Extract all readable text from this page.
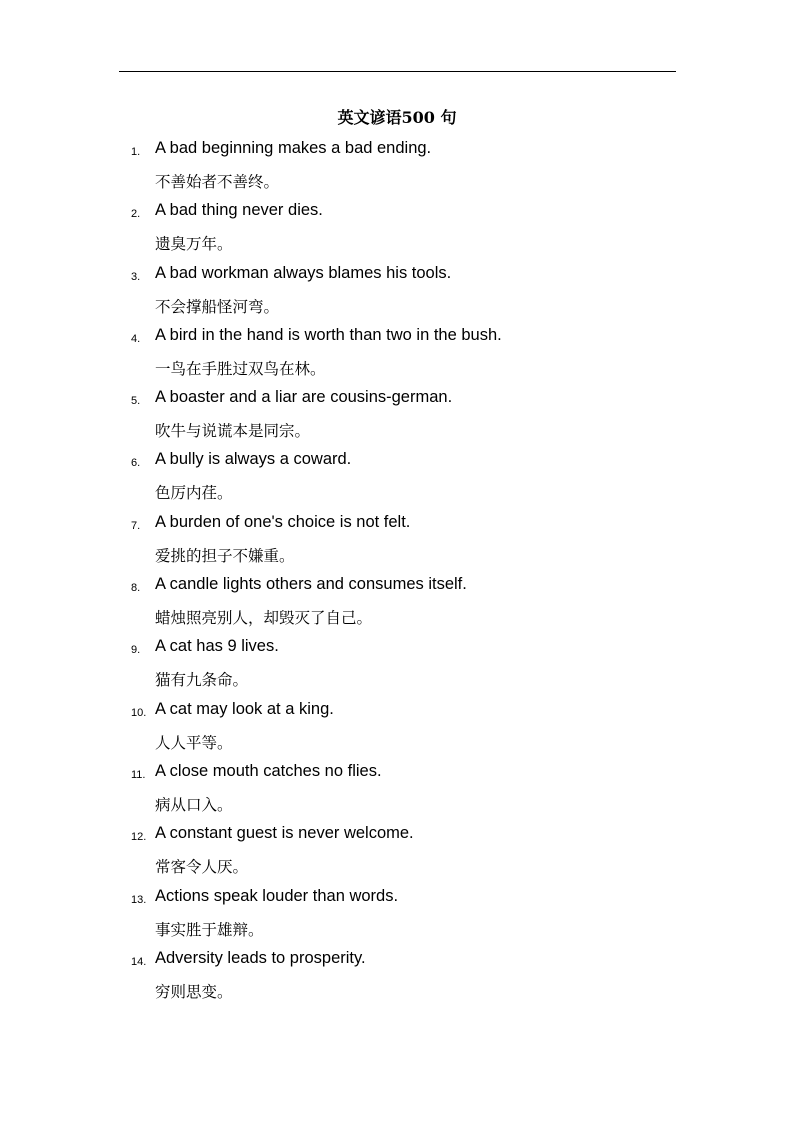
英文谚语500 句
1. A bad beginning makes a bad ending.
不善始者不善终。
2. A bad thing never dies.
遗臭万年。
3. A bad workman always blames his tools.
不会撑船怪河弯。
4. A bird in the hand is worth than two in the bush.
一鸟在手胜过双鸟在林。
5. A boaster and a liar are cousins-german.
吹牛与说谎本是同宗。
6. A bully is always a coward.
色厉内荏。
7. A burden of one's choice is not felt.
爱挑的担子不嫌重。
8. A candle lights others and consumes itself.
蜡烛照亮别人，却毁灭了自己。
9. A cat has 9 lives.
猫有九条命。
10. A cat may look at a king.
人人平等。
11. A close mouth catches no flies.
病从口入。
12. A constant guest is never welcome.
常客令人厌。
13. Actions speak louder than words.
事实胜于雄辩。
14. Adversity leads to prosperity.
穷则思变。
